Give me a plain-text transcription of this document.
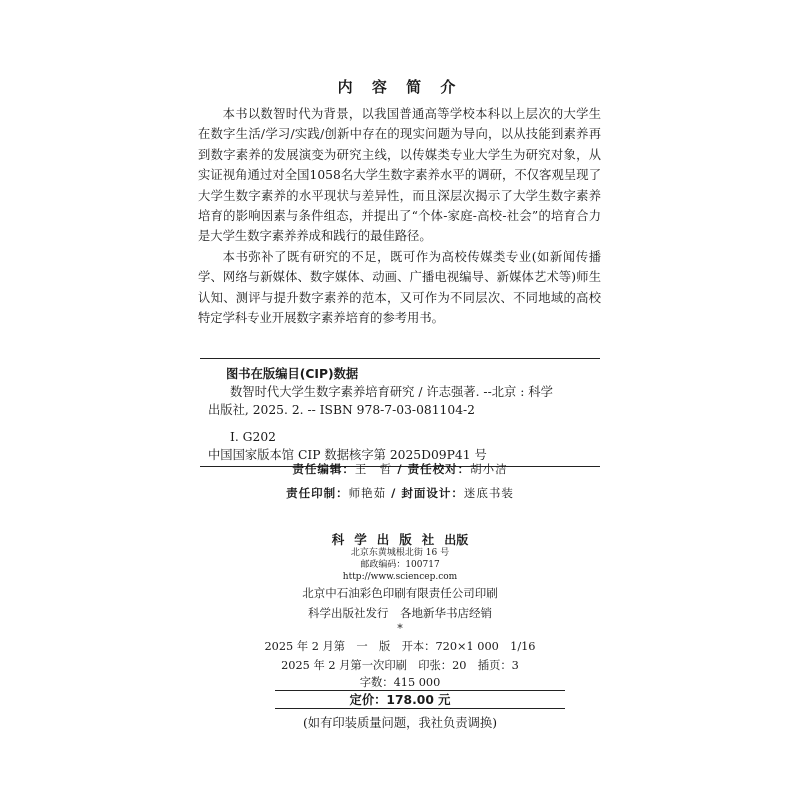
内 容 简 介

本书以数智时代为背景，以我国普通高等学校本科以上层次的大学生在数字生活/学习/实践/创新中存在的现实问题为导向，以从技能到素养再到数字素养的发展演变为研究主线，以传媒类专业大学生为研究对象，从实证视角通过对全国1058名大学生数字素养水平的调研，不仅客观呈现了大学生数字素养的水平现状与差异性，而且深层次揭示了大学生数字素养培育的影响因素与条件组态，并提出了“个体-家庭-高校-社会”的培育合力是大学生数字素养养成和践行的最佳路径。

本书弥补了既有研究的不足，既可作为高校传媒类专业(如新闻传播学、网络与新媒体、数字媒体、动画、广播电视编导、新媒体艺术等)师生认知、测评与提升数字素养的范本，又可作为不同层次、不同地域的高校特定学科专业开展数字素养培育的参考用书。

图书在版编目(CIP)数据
数智时代大学生数字素养培育研究 / 许志强著. --北京 : 科学
出版社, 2025. 2. -- ISBN 978-7-03-081104-2
Ⅰ. G202
中国国家版本馆 CIP 数据核字第 2025D09P41 号
责任编辑：王　哲 / 责任校对：胡小洁
责任印制：师艳茹 / 封面设计：迷底书装
科学出版社出版
北京东黄城根北街 16 号
邮政编码：100717
http://www.sciencep.com
北京中石油彩色印刷有限责任公司印刷
科学出版社发行　各地新华书店经销
*
2025 年 2 月第　一　版　开本：720×1 000　1/16
2025 年 2 月第一次印刷　印张：20　插页：3
字数：415 000
定价：178.00 元
(如有印装质量问题，我社负责调换)
